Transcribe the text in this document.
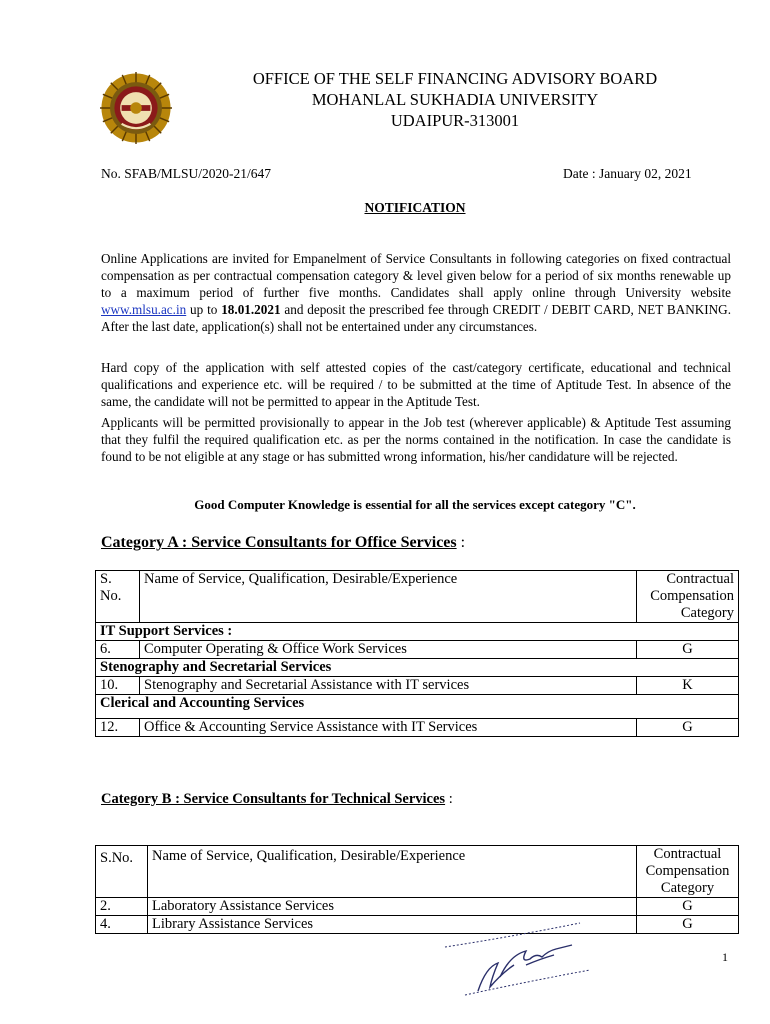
OFFICE OF THE SELF FINANCING ADVISORY BOARD
MOHANLAL SUKHADIA UNIVERSITY
UDAIPUR-313001
No. SFAB/MLSU/2020-21/647	Date : January 02, 2021
NOTIFICATION

Online Applications are invited for Empanelment of Service Consultants in following categories on fixed contractual compensation as per contractual compensation category & level given below for a period of six months renewable up to a maximum period of further five months. Candidates shall apply online through University website www.mlsu.ac.in up to 18.01.2021 and deposit the prescribed fee through CREDIT / DEBIT CARD, NET BANKING. After the last date, application(s) shall not be entertained under any circumstances.

Hard copy of the application with self attested copies of the cast/category certificate, educational and technical qualifications and experience etc. will be required / to be submitted at the time of Aptitude Test. In absence of the same, the candidate will not be permitted to appear in the Aptitude Test.

Applicants will be permitted provisionally to appear in the Job test (wherever applicable) & Aptitude Test assuming that they fulfil the required qualification etc. as per the norms contained in the notification. In case the candidate is found to be not eligible at any stage or has submitted wrong information, his/her candidature will be rejected.

Good Computer Knowledge is essential for all the services except category "C".
Category A : Service Consultants for Office Services :
S. No.	Name of Service, Qualification, Desirable/Experience	Contractual Compensation Category
IT Support Services :		
6.	Computer Operating & Office Work Services	G
Stenography and Secretarial Services		
10.	Stenography and Secretarial Assistance with IT services	K
Clerical and Accounting Services		
12.	Office & Accounting Service Assistance with IT Services	G
Category B : Service Consultants for Technical Services :
S.No.	Name of Service, Qualification, Desirable/Experience	Contractual Compensation Category
2.	Laboratory Assistance Services	G
4.	Library Assistance Services	G
1
